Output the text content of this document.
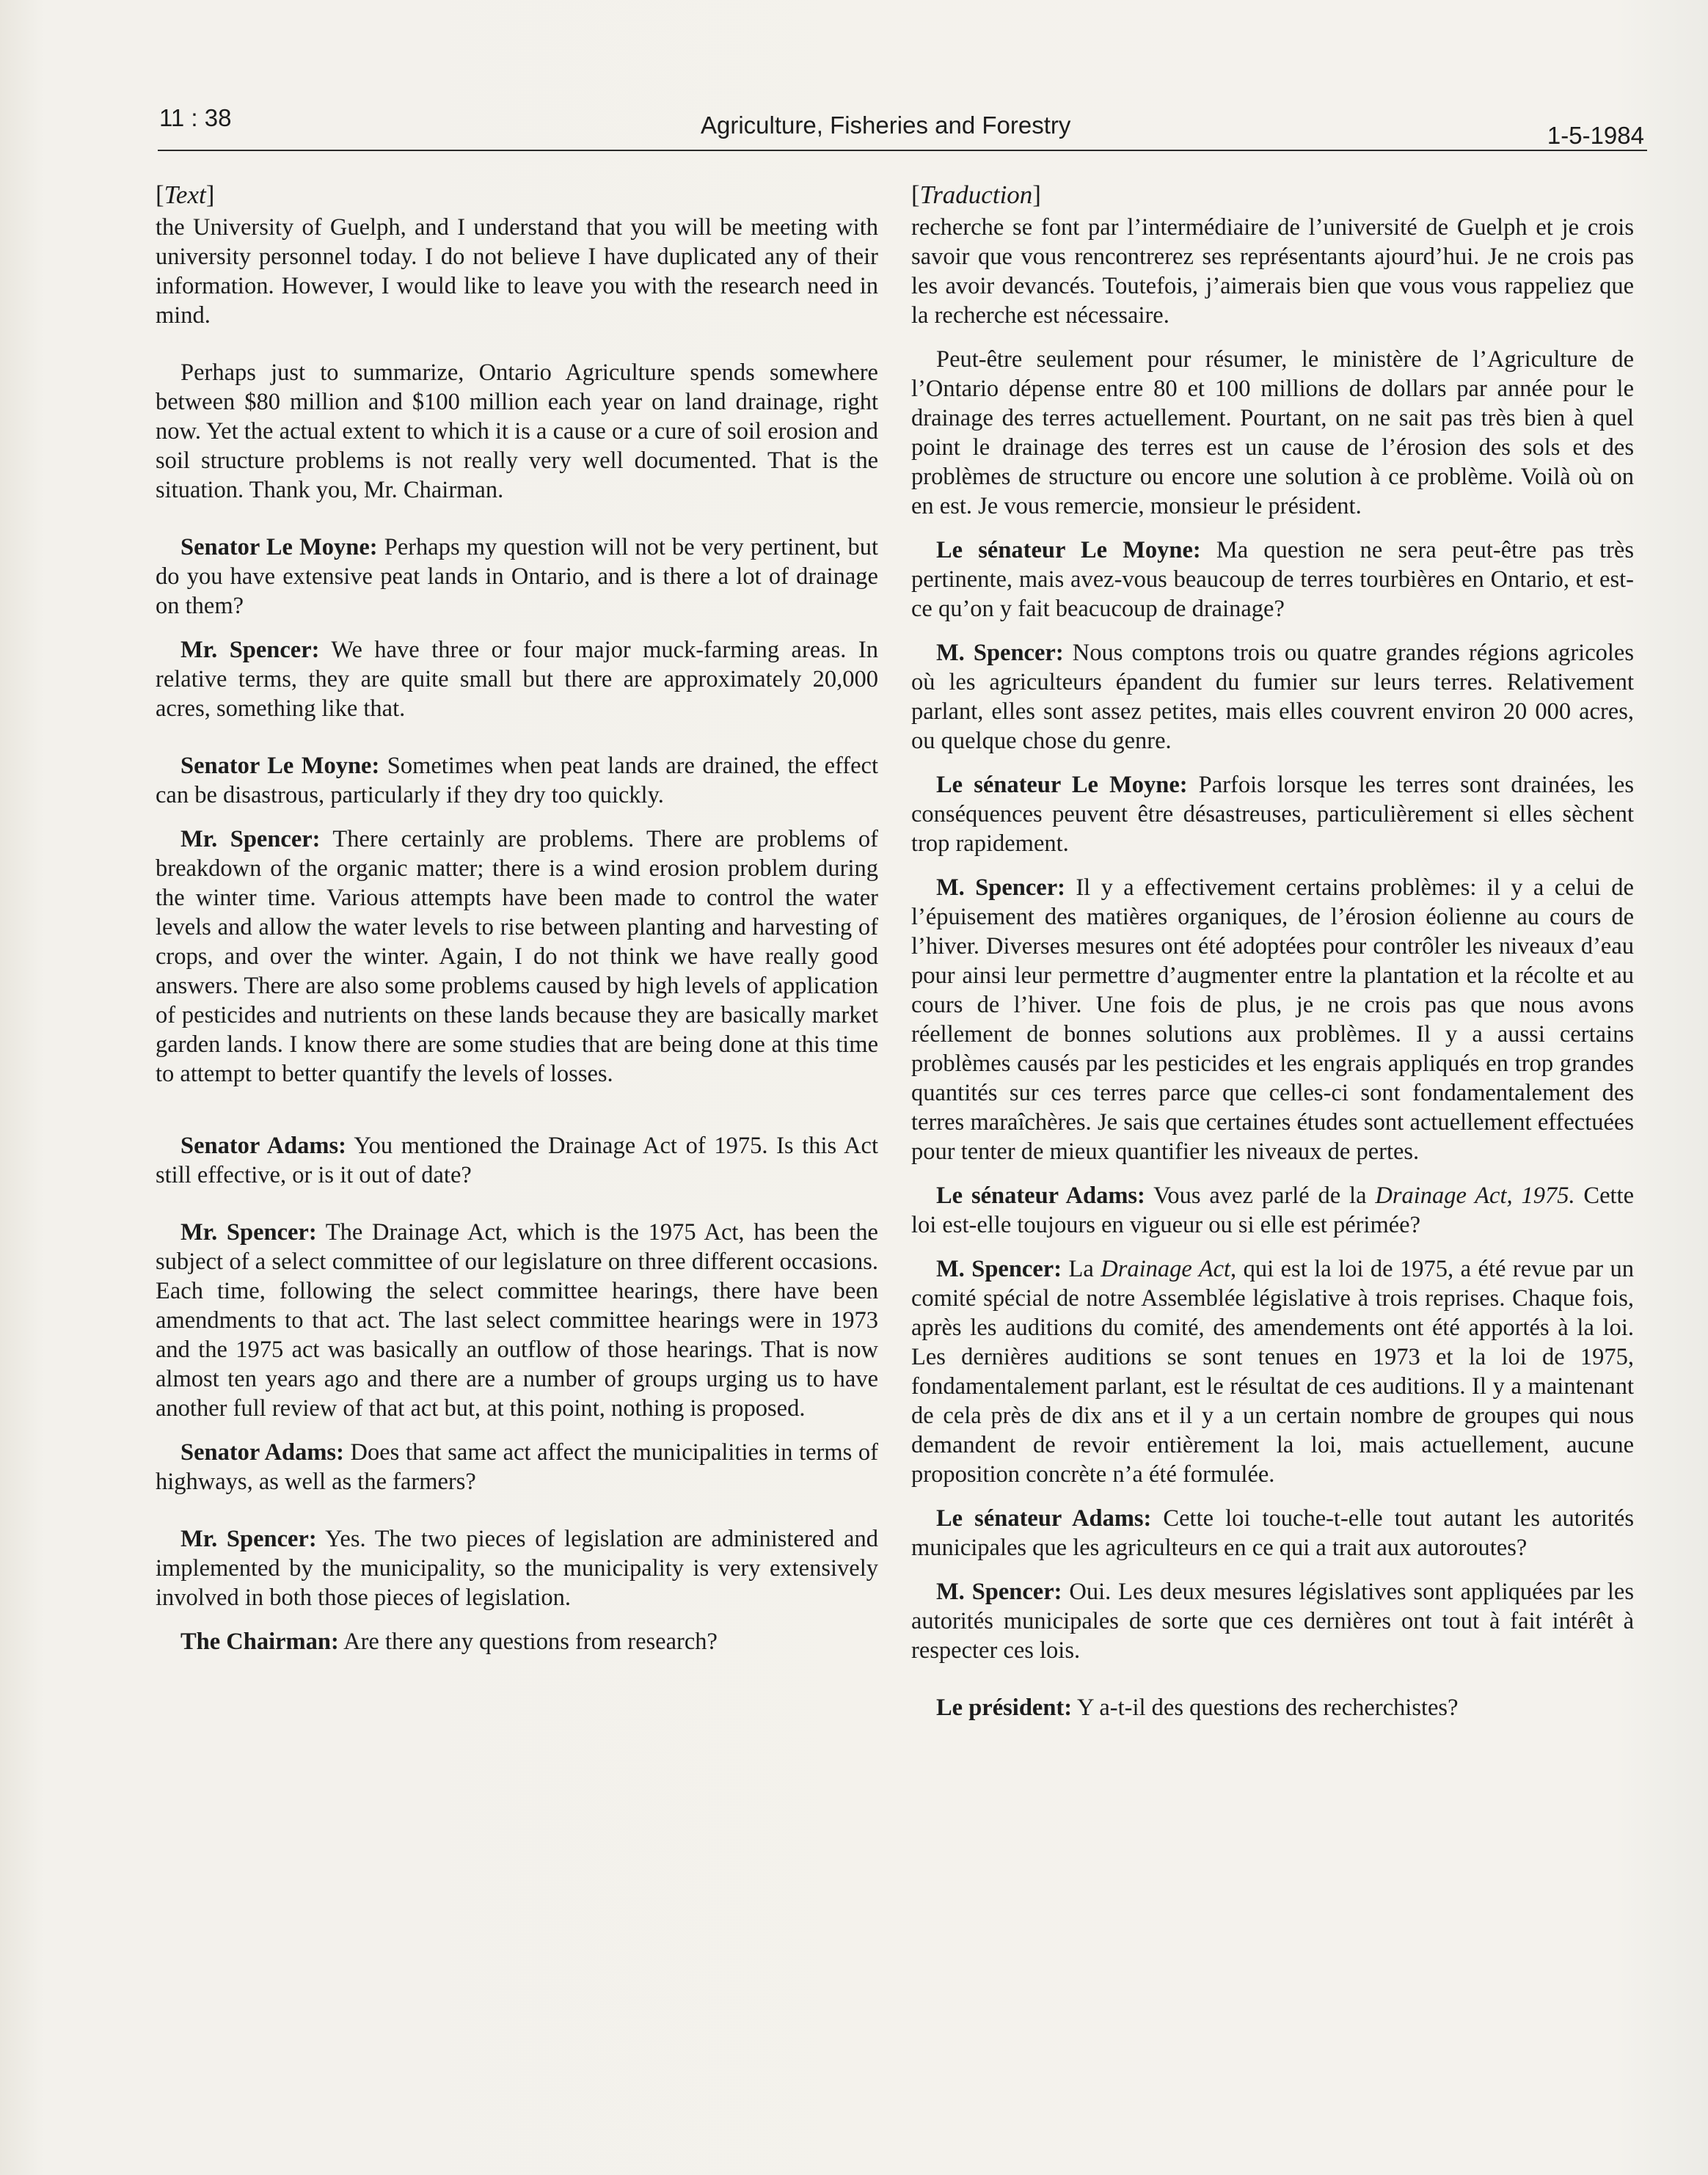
11 : 38	Agriculture, Fisheries and Forestry	1-5-1984
[Text]

the University of Guelph, and I understand that you will be meeting with university personnel today. I do not believe I have duplicated any of their information. However, I would like to leave you with the research need in mind.

Perhaps just to summarize, Ontario Agriculture spends somewhere between $80 million and $100 million each year on land drainage, right now. Yet the actual extent to which it is a cause or a cure of soil erosion and soil structure problems is not really very well documented. That is the situation. Thank you, Mr. Chairman.

Senator Le Moyne: Perhaps my question will not be very pertinent, but do you have extensive peat lands in Ontario, and is there a lot of drainage on them?

Mr. Spencer: We have three or four major muck-farming areas. In relative terms, they are quite small but there are approximately 20,000 acres, something like that.

Senator Le Moyne: Sometimes when peat lands are drained, the effect can be disastrous, particularly if they dry too quickly.

Mr. Spencer: There certainly are problems. There are problems of breakdown of the organic matter; there is a wind erosion problem during the winter time. Various attempts have been made to control the water levels and allow the water levels to rise between planting and harvesting of crops, and over the winter. Again, I do not think we have really good answers. There are also some problems caused by high levels of application of pesticides and nutrients on these lands because they are basically market garden lands. I know there are some studies that are being done at this time to attempt to better quantify the levels of losses.

Senator Adams: You mentioned the Drainage Act of 1975. Is this Act still effective, or is it out of date?

Mr. Spencer: The Drainage Act, which is the 1975 Act, has been the subject of a select committee of our legislature on three different occasions. Each time, following the select committee hearings, there have been amendments to that act. The last select committee hearings were in 1973 and the 1975 act was basically an outflow of those hearings. That is now almost ten years ago and there are a number of groups urging us to have another full review of that act but, at this point, nothing is proposed.

Senator Adams: Does that same act affect the municipalities in terms of highways, as well as the farmers?

Mr. Spencer: Yes. The two pieces of legislation are administered and implemented by the municipality, so the municipality is very extensively involved in both those pieces of legislation.

The Chairman: Are there any questions from research?

[Traduction]

recherche se font par l’intermédiaire de l’université de Guelph et je crois savoir que vous rencontrerez ses représentants ajourd’hui. Je ne crois pas les avoir devancés. Toutefois, j’aimerais bien que vous vous rappeliez que la recherche est nécessaire.

Peut-être seulement pour résumer, le ministère de l’Agriculture de l’Ontario dépense entre 80 et 100 millions de dollars par année pour le drainage des terres actuellement. Pourtant, on ne sait pas très bien à quel point le drainage des terres est un cause de l’érosion des sols et des problèmes de structure ou encore une solution à ce problème. Voilà où on en est. Je vous remercie, monsieur le président.

Le sénateur Le Moyne: Ma question ne sera peut-être pas très pertinente, mais avez-vous beaucoup de terres tourbières en Ontario, et est-ce qu’on y fait beacucoup de drainage?

M. Spencer: Nous comptons trois ou quatre grandes régions agricoles où les agriculteurs épandent du fumier sur leurs terres. Relativement parlant, elles sont assez petites, mais elles couvrent environ 20 000 acres, ou quelque chose du genre.

Le sénateur Le Moyne: Parfois lorsque les terres sont drainées, les conséquences peuvent être désastreuses, particulièrement si elles sèchent trop rapidement.

M. Spencer: Il y a effectivement certains problèmes: il y a celui de l’épuisement des matières organiques, de l’érosion éolienne au cours de l’hiver. Diverses mesures ont été adoptées pour contrôler les niveaux d’eau pour ainsi leur permettre d’augmenter entre la plantation et la récolte et au cours de l’hiver. Une fois de plus, je ne crois pas que nous avons réellement de bonnes solutions aux problèmes. Il y a aussi certains problèmes causés par les pesticides et les engrais appliqués en trop grandes quantités sur ces terres parce que celles-ci sont fondamentalement des terres maraîchères. Je sais que certaines études sont actuellement effectuées pour tenter de mieux quantifier les niveaux de pertes.

Le sénateur Adams: Vous avez parlé de la Drainage Act, 1975. Cette loi est-elle toujours en vigueur ou si elle est périmée?

M. Spencer: La Drainage Act, qui est la loi de 1975, a été revue par un comité spécial de notre Assemblée législative à trois reprises. Chaque fois, après les auditions du comité, des amendements ont été apportés à la loi. Les dernières auditions se sont tenues en 1973 et la loi de 1975, fondamentalement parlant, est le résultat de ces auditions. Il y a maintenant de cela près de dix ans et il y a un certain nombre de groupes qui nous demandent de revoir entièrement la loi, mais actuellement, aucune proposition concrète n’a été formulée.

Le sénateur Adams: Cette loi touche-t-elle tout autant les autorités municipales que les agriculteurs en ce qui a trait aux autoroutes?

M. Spencer: Oui. Les deux mesures législatives sont appliquées par les autorités municipales de sorte que ces dernières ont tout à fait intérêt à respecter ces lois.

Le président: Y a-t-il des questions des recherchistes?
